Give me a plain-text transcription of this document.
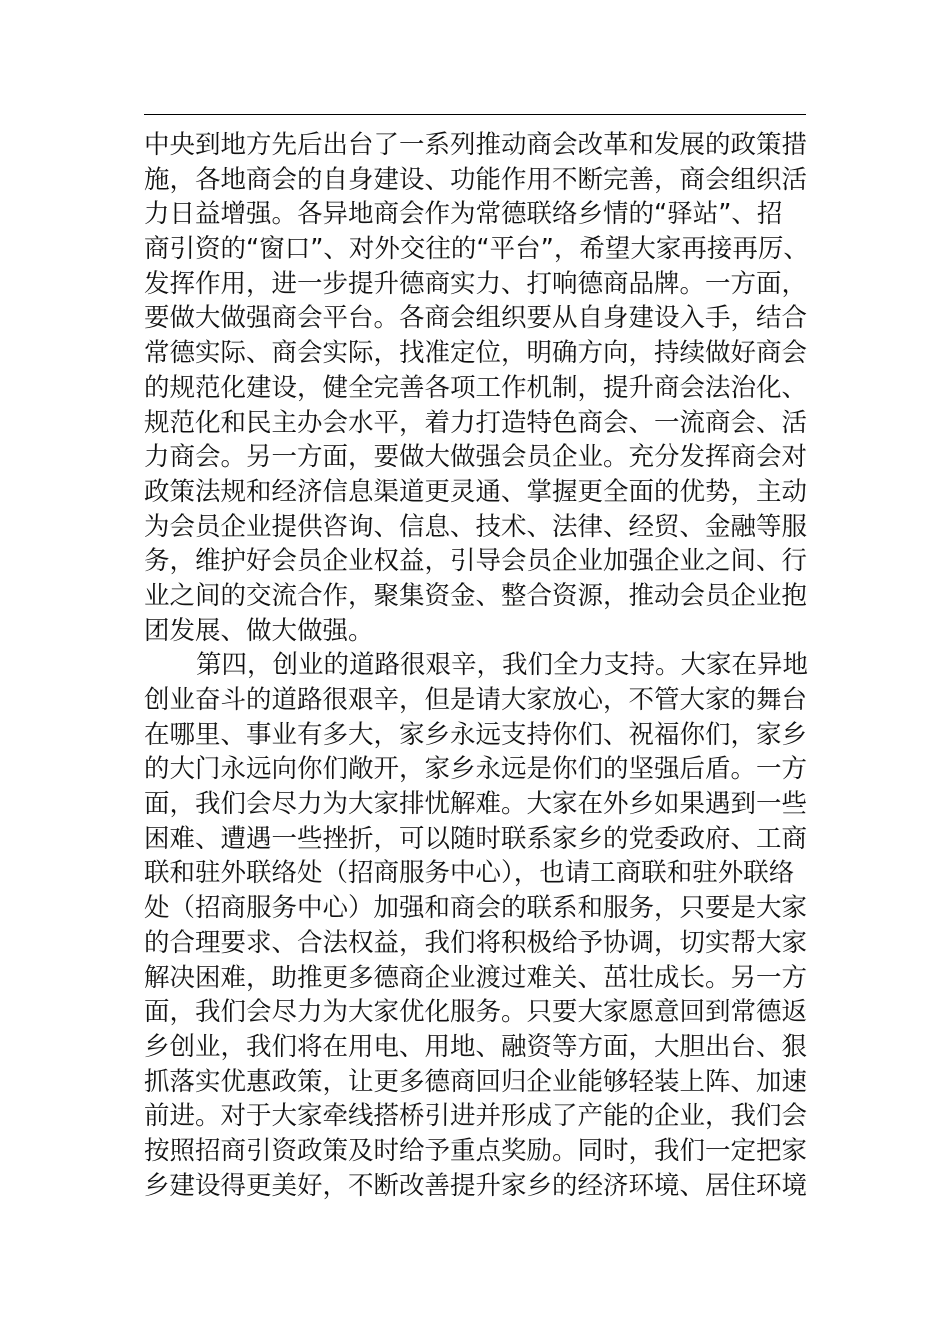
中央到地方先后出台了一系列推动商会改革和发展的政策措
施，各地商会的自身建设、功能作用不断完善，商会组织活
力日益增强。各异地商会作为常德联络乡情的“驿站”、招
商引资的“窗口”、对外交往的“平台”，希望大家再接再厉、
发挥作用，进一步提升德商实力、打响德商品牌。一方面，
要做大做强商会平台。各商会组织要从自身建设入手，结合
常德实际、商会实际，找准定位，明确方向，持续做好商会
的规范化建设，健全完善各项工作机制，提升商会法治化、
规范化和民主办会水平，着力打造特色商会、一流商会、活
力商会。另一方面，要做大做强会员企业。充分发挥商会对
政策法规和经济信息渠道更灵通、掌握更全面的优势，主动
为会员企业提供咨询、信息、技术、法律、经贸、金融等服
务，维护好会员企业权益，引导会员企业加强企业之间、行
业之间的交流合作，聚集资金、整合资源，推动会员企业抱
团发展、做大做强。
第四，创业的道路很艰辛，我们全力支持。大家在异地
创业奋斗的道路很艰辛，但是请大家放心，不管大家的舞台
在哪里、事业有多大，家乡永远支持你们、祝福你们，家乡
的大门永远向你们敞开，家乡永远是你们的坚强后盾。一方
面，我们会尽力为大家排忧解难。大家在外乡如果遇到一些
困难、遭遇一些挫折，可以随时联系家乡的党委政府、工商
联和驻外联络处（招商服务中心），也请工商联和驻外联络
处（招商服务中心）加强和商会的联系和服务，只要是大家
的合理要求、合法权益，我们将积极给予协调，切实帮大家
解决困难，助推更多德商企业渡过难关、茁壮成长。另一方
面，我们会尽力为大家优化服务。只要大家愿意回到常德返
乡创业，我们将在用电、用地、融资等方面，大胆出台、狠
抓落实优惠政策，让更多德商回归企业能够轻装上阵、加速
前进。对于大家牵线搭桥引进并形成了产能的企业，我们会
按照招商引资政策及时给予重点奖励。同时，我们一定把家
乡建设得更美好，不断改善提升家乡的经济环境、居住环境
